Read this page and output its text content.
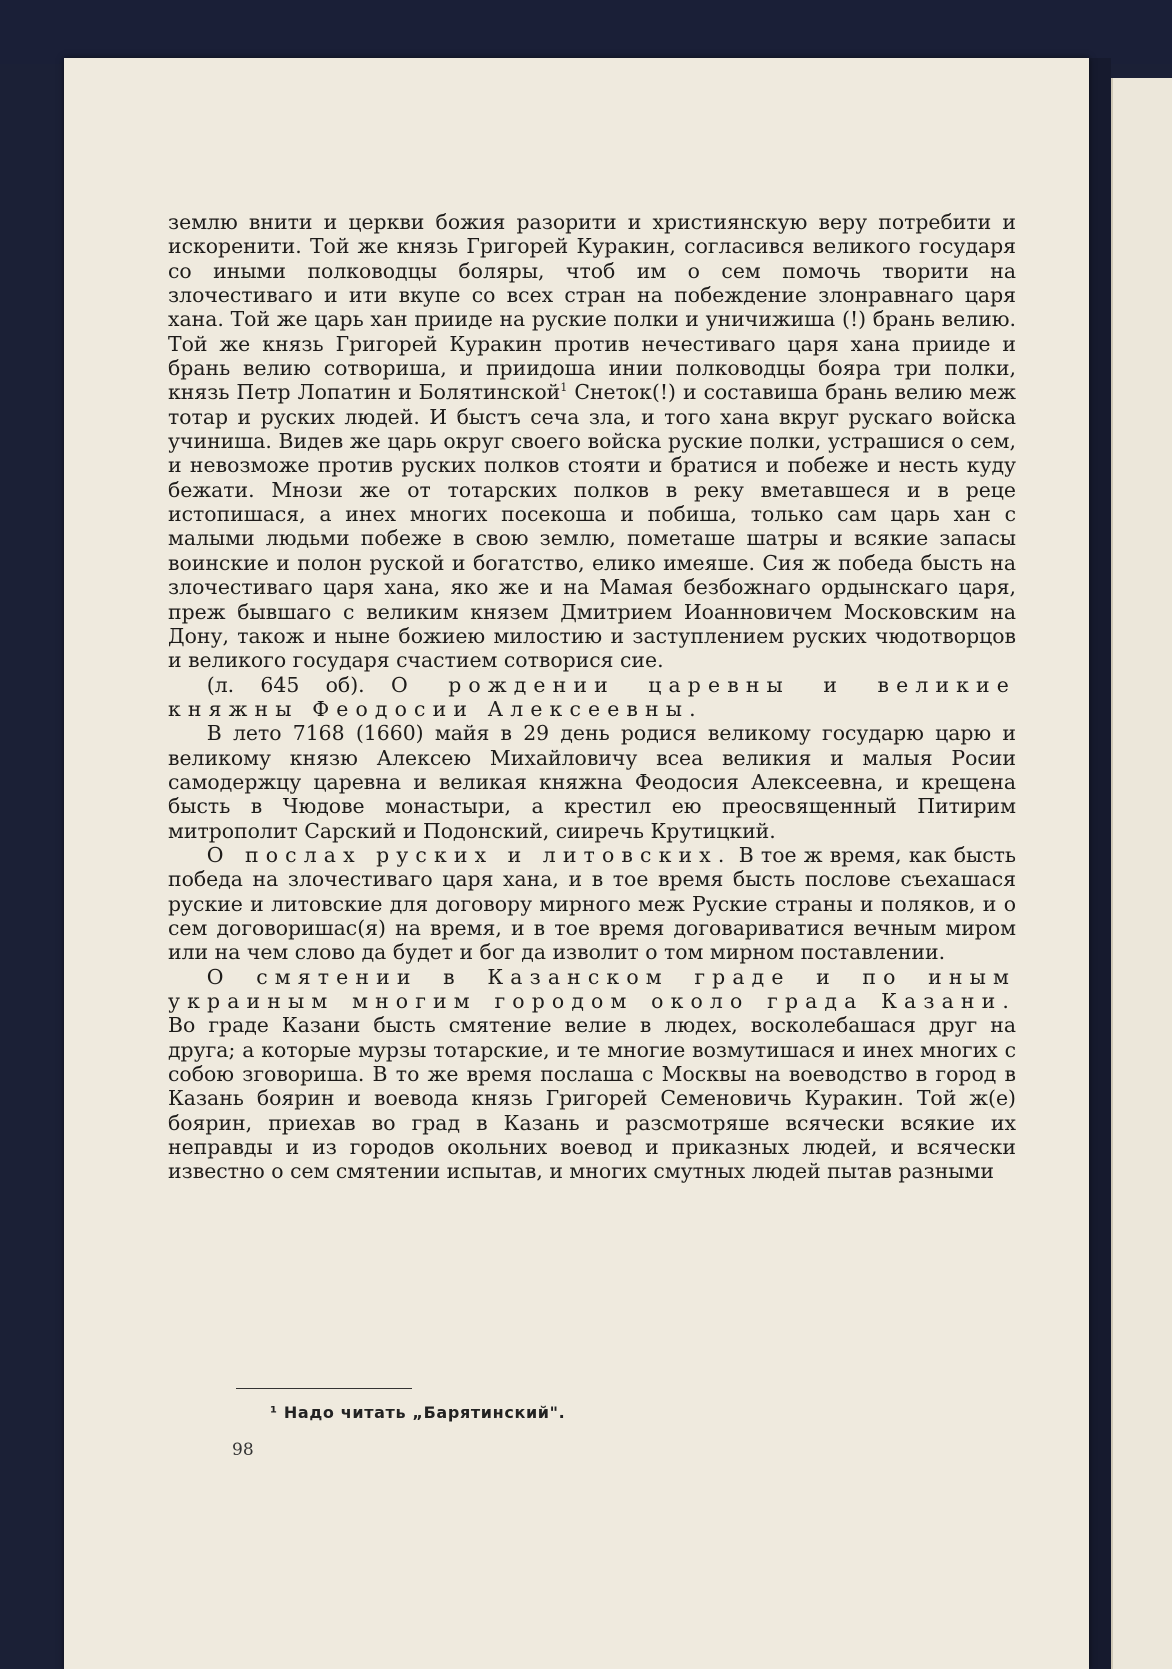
землю внити и церкви божия разорити и християнскую веру потребити и искоренити. Той же князь Григорей Куракин, согласився великого государя со иными полководцы боляры, чтоб им о сем помочь творити на злочестиваго и ити вкупе со всех стран на побеждение злонравнаго царя хана. Той же царь хан прииде на руские полки и уничижиша (!) брань велию. Той же князь Григорей Куракин против нечестиваго царя хана прииде и брань велию сотвориша, и приидоша инии полководцы бояра три полки, князь Петр Лопатин и Болятинской$^1$ Снеток(!) и составиша брань велию меж тотар и руских людей. И быстъ сеча зла, и того хана вкруг рускаго войска учиниша. Видев же царь округ своего войска руские полки, устрашися о сем, и невозможе против руских полков стояти и братися и побеже и несть куду бежати. Мнози же от тотарских полков в реку вметавшеся и в реце истопишася, а инех многих посекоша и побиша, только сам царь хан с малыми людьми побеже в свою землю, пометаше шатры и всякие запасы воинские и полон руской и богатство, елико имеяше. Сия ж победа бысть на злочестиваго царя хана, яко же и на Мамая безбожнаго ордынскаго царя, преж бывшаго с великим князем Дмитрием Иоанновичем Московским на Дону, також и ныне божиею милостию и заступлением руских чюдотворцов и великого государя счастием сотворися сие.

(л. 645 об). О рождении царевны и великие княжны Феодосии Алексеевны.

В лето 7168 (1660) майя в 29 день родися великому государю царю и великому князю Алексею Михайловичу всеа великия и малыя Росии самодержцу царевна и великая княжна Феодосия Алексеевна, и крещена бысть в Чюдове монастыри, а крестил ею преосвященный Питирим митрополит Сарский и Подонский, сииречь Крутицкий.

О послах руских и литовских. В тое ж время, как бысть победа на злочестиваго царя хана, и в тое время бысть послове съехашася руские и литовские для договору мирного меж Руские страны и поляков, и о сем договоришас(я) на время, и в тое время договариватися вечным миром или на чем слово да будет и бог да изволит о том мирном поставлении.

О смятении в Казанском граде и по иным украиным многим городом около града Казани. Во граде Казани бысть смятение велие в людех, восколебашася друг на друга; а которые мурзы тотарские, и те многие возмутишася и инех многих с собою зговориша. В то же время послаша с Москвы на воеводство в город в Казань боярин и воевода князь Григорей Семеновичь Куракин. Той ж(е) боярин, приехав во град в Казань и разсмотряше всячески всякие их неправды и из городов окольних воевод и приказных людей, и всячески известно о сем смятении испытав, и многих смутных людей пытав разными

¹ Надо читать „Барятинский".
98
